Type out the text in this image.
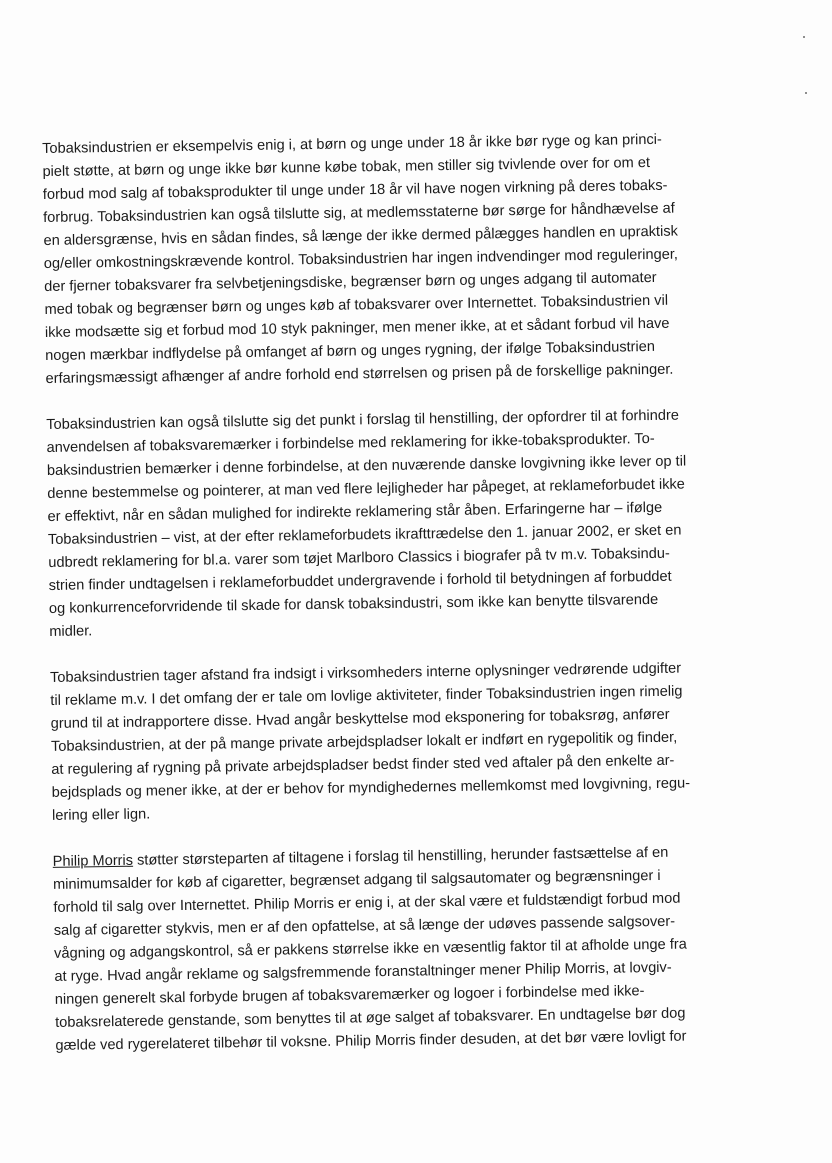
Tobaksindustrien er eksempelvis enig i, at børn og unge under 18 år ikke bør ryge og kan princi-
pielt støtte, at børn og unge ikke bør kunne købe tobak, men stiller sig tvivlende over for om et
forbud mod salg af tobaksprodukter til unge under 18 år vil have nogen virkning på deres tobaks-
forbrug. Tobaksindustrien kan også tilslutte sig, at medlemsstaterne bør sørge for håndhævelse af
en aldersgrænse, hvis en sådan findes, så længe der ikke dermed pålægges handlen en upraktisk
og/eller omkostningskrævende kontrol. Tobaksindustrien har ingen indvendinger mod reguleringer,
der fjerner tobaksvarer fra selvbetjeningsdiske, begrænser børn og unges adgang til automater
med tobak og begrænser børn og unges køb af tobaksvarer over Internettet. Tobaksindustrien vil
ikke modsætte sig et forbud mod 10 styk pakninger, men mener ikke, at et sådant forbud vil have
nogen mærkbar indflydelse på omfanget af børn og unges rygning, der ifølge Tobaksindustrien
erfaringsmæssigt afhænger af andre forhold end størrelsen og prisen på de forskellige pakninger.
Tobaksindustrien kan også tilslutte sig det punkt i forslag til henstilling, der opfordrer til at forhindre
anvendelsen af tobaksvaremærker i forbindelse med reklamering for ikke-tobaksprodukter. To-
baksindustrien bemærker i denne forbindelse, at den nuværende danske lovgivning ikke lever op til
denne bestemmelse og pointerer, at man ved flere lejligheder har påpeget, at reklameforbudet ikke
er effektivt, når en sådan mulighed for indirekte reklamering står åben. Erfaringerne har – ifølge
Tobaksindustrien – vist, at der efter reklameforbudets ikrafttrædelse den 1. januar 2002, er sket en
udbredt reklamering for bl.a. varer som tøjet Marlboro Classics i biografer på tv m.v. Tobaksindu-
strien finder undtagelsen i reklameforbuddet undergravende i forhold til betydningen af forbuddet
og konkurrenceforvridende til skade for dansk tobaksindustri, som ikke kan benytte tilsvarende
midler.
Tobaksindustrien tager afstand fra indsigt i virksomheders interne oplysninger vedrørende udgifter
til reklame m.v. I det omfang der er tale om lovlige aktiviteter, finder Tobaksindustrien ingen rimelig
grund til at indrapportere disse. Hvad angår beskyttelse mod eksponering for tobaksrøg, anfører
Tobaksindustrien, at der på mange private arbejdspladser lokalt er indført en rygepolitik og finder,
at regulering af rygning på private arbejdspladser bedst finder sted ved aftaler på den enkelte ar-
bejdsplads og mener ikke, at der er behov for myndighedernes mellemkomst med lovgivning, regu-
lering eller lign.
Philip Morris støtter størsteparten af tiltagene i forslag til henstilling, herunder fastsættelse af en
minimumsalder for køb af cigaretter, begrænset adgang til salgsautomater og begrænsninger i
forhold til salg over Internettet. Philip Morris er enig i, at der skal være et fuldstændigt forbud mod
salg af cigaretter stykvis, men er af den opfattelse, at så længe der udøves passende salgsover-
vågning og adgangskontrol, så er pakkens størrelse ikke en væsentlig faktor til at afholde unge fra
at ryge. Hvad angår reklame og salgsfremmende foranstaltninger mener Philip Morris, at lovgiv-
ningen generelt skal forbyde brugen af tobaksvaremærker og logoer i forbindelse med ikke-
tobaksrelaterede genstande, som benyttes til at øge salget af tobaksvarer. En undtagelse bør dog
gælde ved rygerelateret tilbehør til voksne. Philip Morris finder desuden, at det bør være lovligt for
